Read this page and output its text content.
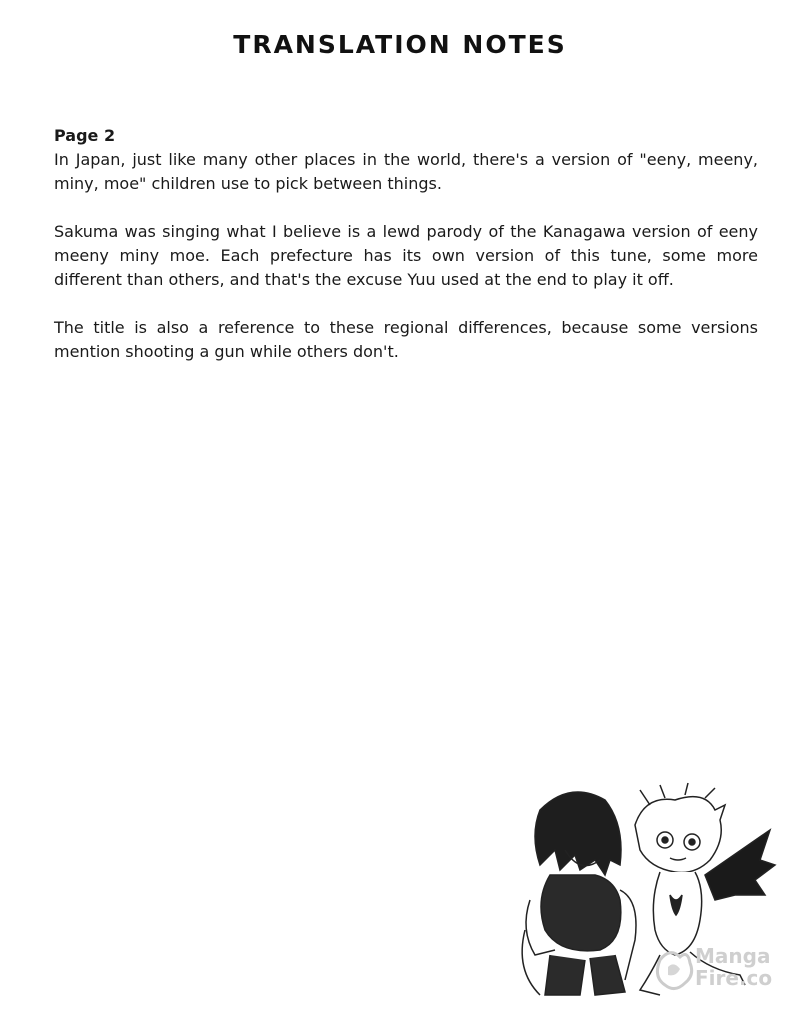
TRANSLATION NOTES
Page 2

In Japan, just like many other places in the world, there's a version of "eeny, meeny, miny, moe" children use to pick between things.

Sakuma was singing what I believe is a lewd parody of the Kanagawa version of eeny meeny miny moe. Each prefecture has its own version of this tune, some more different than others, and that's the excuse Yuu used at the end to play it off.

The title is also a reference to these regional differences, because some versions mention shooting a gun while others don't.

Manga
Fire.co
